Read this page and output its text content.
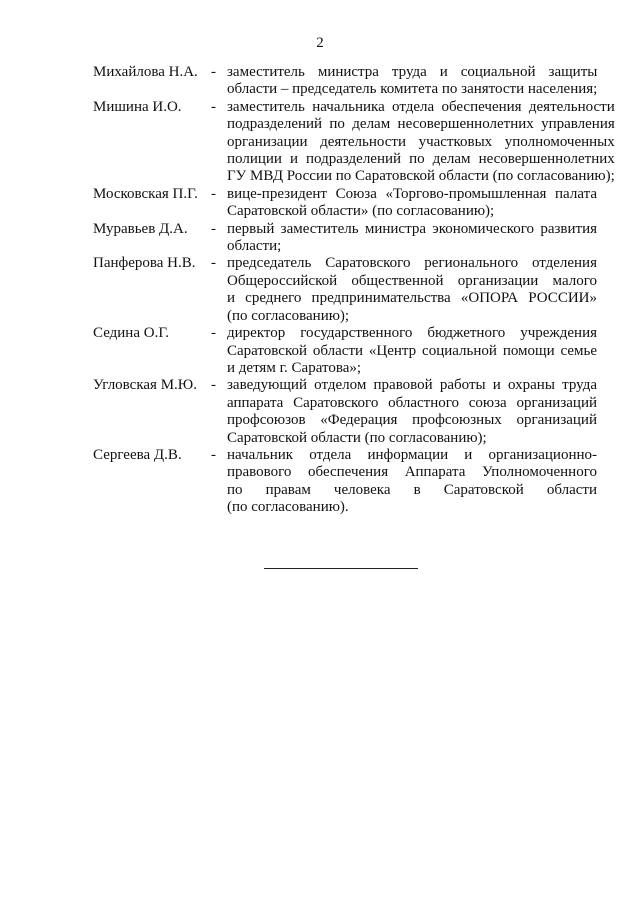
2
Михайлова Н.А. - заместитель министра труда и социальной защиты
области – председатель комитета по занятости населения;
Мишина И.О.	- заместитель начальника отдела обеспечения деятельности
подразделений по делам несовершеннолетних управления
организации деятельности участковых уполномоченных
полиции и подразделений по делам несовершеннолетних
ГУ МВД России по Саратовской области (по согласованию);
Московская П.Г. - вице-президент Союза «Торгово-промышленная палата
Саратовской области» (по согласованию);
Муравьев Д.А.	- первый заместитель министра экономического развития
области;
Панферова Н.В.	- председатель Саратовского регионального отделения
Общероссийской общественной организации малого
и среднего предпринимательства «ОПОРА РОССИИ»
(по согласованию);
Седина О.Г.	- директор государственного бюджетного учреждения
Саратовской области «Центр социальной помощи семье
и детям г. Саратова»;
Угловская М.Ю. - заведующий отделом правовой работы и охраны труда
аппарата Саратовского областного союза организаций
профсоюзов «Федерация профсоюзных организаций
Саратовской области (по согласованию);
Сергеева Д.В.	- начальник отдела информации и организационно-
правового обеспечения Аппарата Уполномоченного
по правам человека в Саратовской области
(по согласованию).
